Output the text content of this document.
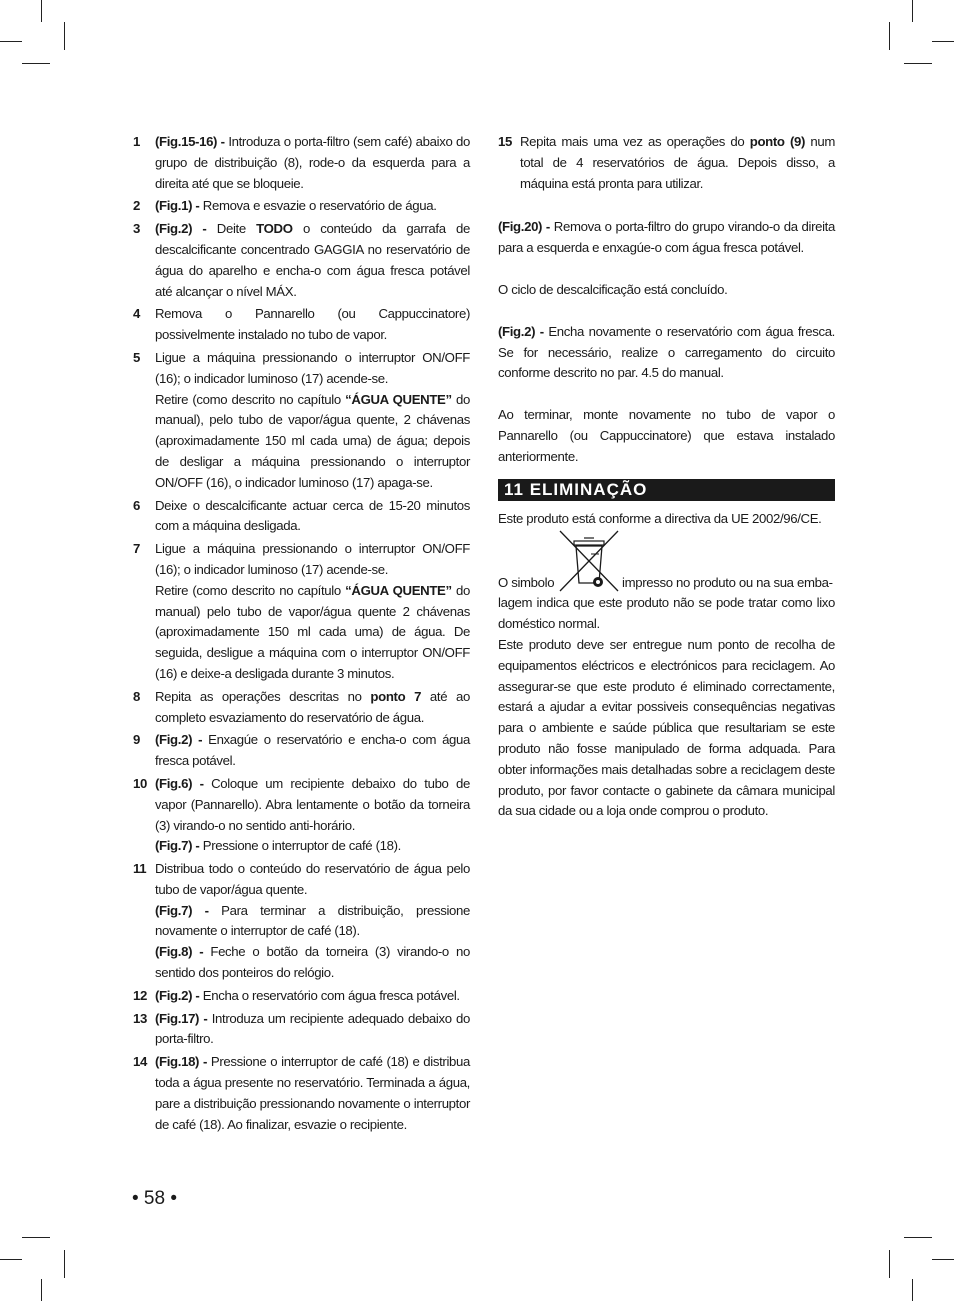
1	(Fig.15-16) - Introduza o porta-filtro (sem café) abaixo do grupo de distribuição (8), rode-o da esquerda para a direita até que se bloqueie.
2	(Fig.1) - Remova e esvazie o reservatório de água.
3	(Fig.2) - Deite TODO o conteúdo da garrafa de descalcificante concentrado GAGGIA no reservatório de água do aparelho e encha-o com água fresca potável até alcançar o nível MÁX.
4	Remova o Pannarello (ou Cappuccinatore) possivelmente instalado no tubo de vapor.
5	Ligue a máquina pressionando o interruptor ON/OFF (16); o indicador luminoso (17) acende-se.

Retire (como descrito no capítulo “ÁGUA QUENTE” do manual), pelo tubo de vapor/água quente, 2 chávenas (aproximadamente 150 ml cada uma) de água; depois de desligar a máquina pressionando o interruptor ON/OFF (16), o indicador luminoso (17) apaga-se.

6	Deixe o descalcificante actuar cerca de 15-20 minutos com a máquina desligada.
7	Ligue a máquina pressionando o interruptor ON/OFF (16); o indicador luminoso (17) acende-se.

Retire (como descrito no capítulo “ÁGUA QUENTE” do manual) pelo tubo de vapor/água quente 2 chávenas (aproximadamente 150 ml cada uma) de água. De seguida, desligue a máquina com o interruptor ON/OFF (16) e deixe-a desligada durante 3 minutos.

8	Repita as operações descritas no ponto 7 até ao completo esvaziamento do reservatório de água.
9	(Fig.2) - Enxagúe o reservatório e encha-o com água fresca potável.
10 (Fig.6) - Coloque um recipiente debaixo do tubo de vapor (Pannarello). Abra lentamente o botão da torneira (3) virando-o no sentido anti-horário.

(Fig.7) - Pressione o interruptor de café (18).

11 Distribua todo o conteúdo do reservatório de água pelo tubo de vapor/água quente.

(Fig.7) - Para terminar a distribuição, pressione novamente o interruptor de café (18).

(Fig.8) - Feche o botão da torneira (3) virando-o no sentido dos ponteiros do relógio.

12 (Fig.2) - Encha o reservatório com água fresca potável.
13 (Fig.17) - Introduza um recipiente adequado debaixo do porta-filtro.
14 (Fig.18) - Pressione o interruptor de café (18) e distribua toda a água presente no reservatório. Terminada a água, pare a distribuição pressionando novamente o interruptor de café (18). Ao finalizar, esvazie o recipiente.
15 Repita mais uma vez as operações do ponto (9) num total de 4 reservatórios de água. Depois disso, a máquina está pronta para utilizar.

(Fig.20) - Remova o porta-filtro do grupo virando-o da direita para a esquerda e enxagúe-o com água fresca potável.

O ciclo de descalcificação está concluído.

(Fig.2) - Encha novamente o reservatório com água fresca. Se for necessário, realize o carregamento do circuito conforme descrito no par. 4.5 do manual.

Ao terminar, monte novamente no tubo de vapor o Pannarello (ou Cappuccinatore) que estava instalado anteriormente.

11 ELIMINAÇÃO

Este produto está conforme a directiva da UE 2002/96/CE.

O simbolo	impresso no produto ou na sua emba-

lagem indica que este produto não se pode tratar como lixo doméstico normal.

Este produto deve ser entregue num ponto de recolha de equipamentos eléctricos e electrónicos para reciclagem. Ao assegurar-se que este produto é eliminado correctamente, estará a ajudar a evitar possiveis consequências negativas para o ambiente e saúde pública que resultariam se este produto não fosse manipulado de forma adquada. Para obter informações mais detalhadas sobre a reciclagem deste produto, por favor contacte o gabinete da câmara municipal da sua cidade ou a loja onde comprou o produto.

• 58 •
